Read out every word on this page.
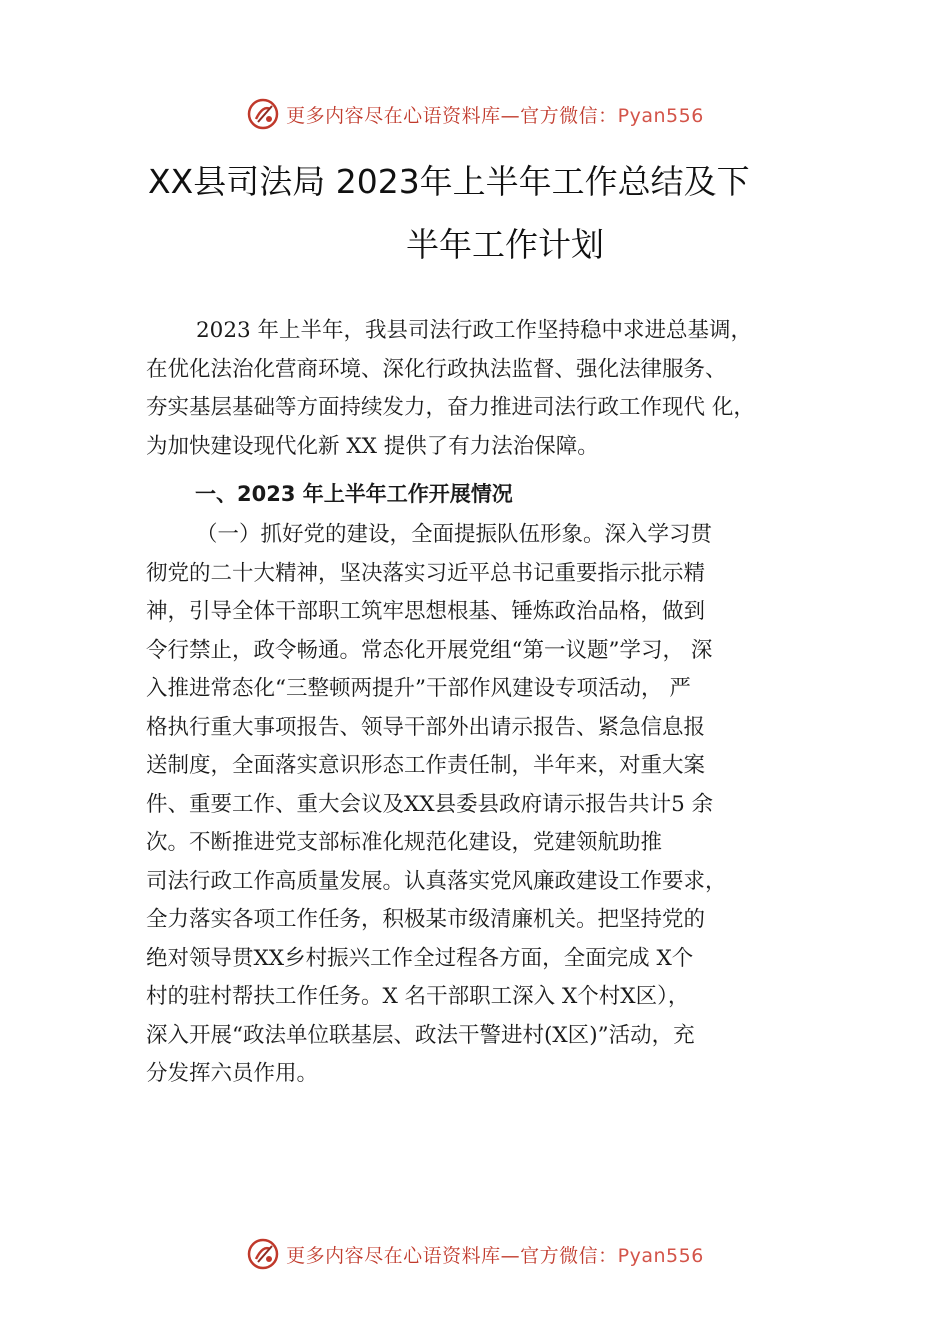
更多内容尽在心语资料库—官方微信：Pyan556
XX县司法局 2023年上半年工作总结及下
半年工作计划
2023 年上半年，我县司法行政工作坚持稳中求进总基调，
在优化法治化营商环境、深化行政执法监督、强化法律服务、
夯实基层基础等方面持续发力，奋力推进司法行政工作现代 化，
为加快建设现代化新 XX 提供了有力法治保障。
一、2023 年上半年工作开展情况
（一）抓好党的建设，全面提振队伍形象。深入学习贯
彻党的二十大精神，坚决落实习近平总书记重要指示批示精
神，引导全体干部职工筑牢思想根基、锤炼政治品格，做到
令行禁止，政令畅通。常态化开展党组“第一议题”学习， 深
入推进常态化“三整顿两提升”干部作风建设专项活动， 严
格执行重大事项报告、领导干部外出请示报告、紧急信息报
送制度，全面落实意识形态工作责任制，半年来，对重大案
件、重要工作、重大会议及XX县委县政府请示报告共计5 余
次。不断推进党支部标准化规范化建设，党建领航助推
司法行政工作高质量发展。认真落实党风廉政建设工作要求，
全力落实各项工作任务，积极某市级清廉机关。把坚持党的
绝对领导贯XX乡村振兴工作全过程各方面，全面完成 X个
村的驻村帮扶工作任务。X 名干部职工深入 X个村X区），
深入开展“政法单位联基层、政法干警进村(X区)”活动，充
分发挥六员作用。
更多内容尽在心语资料库—官方微信：Pyan556
